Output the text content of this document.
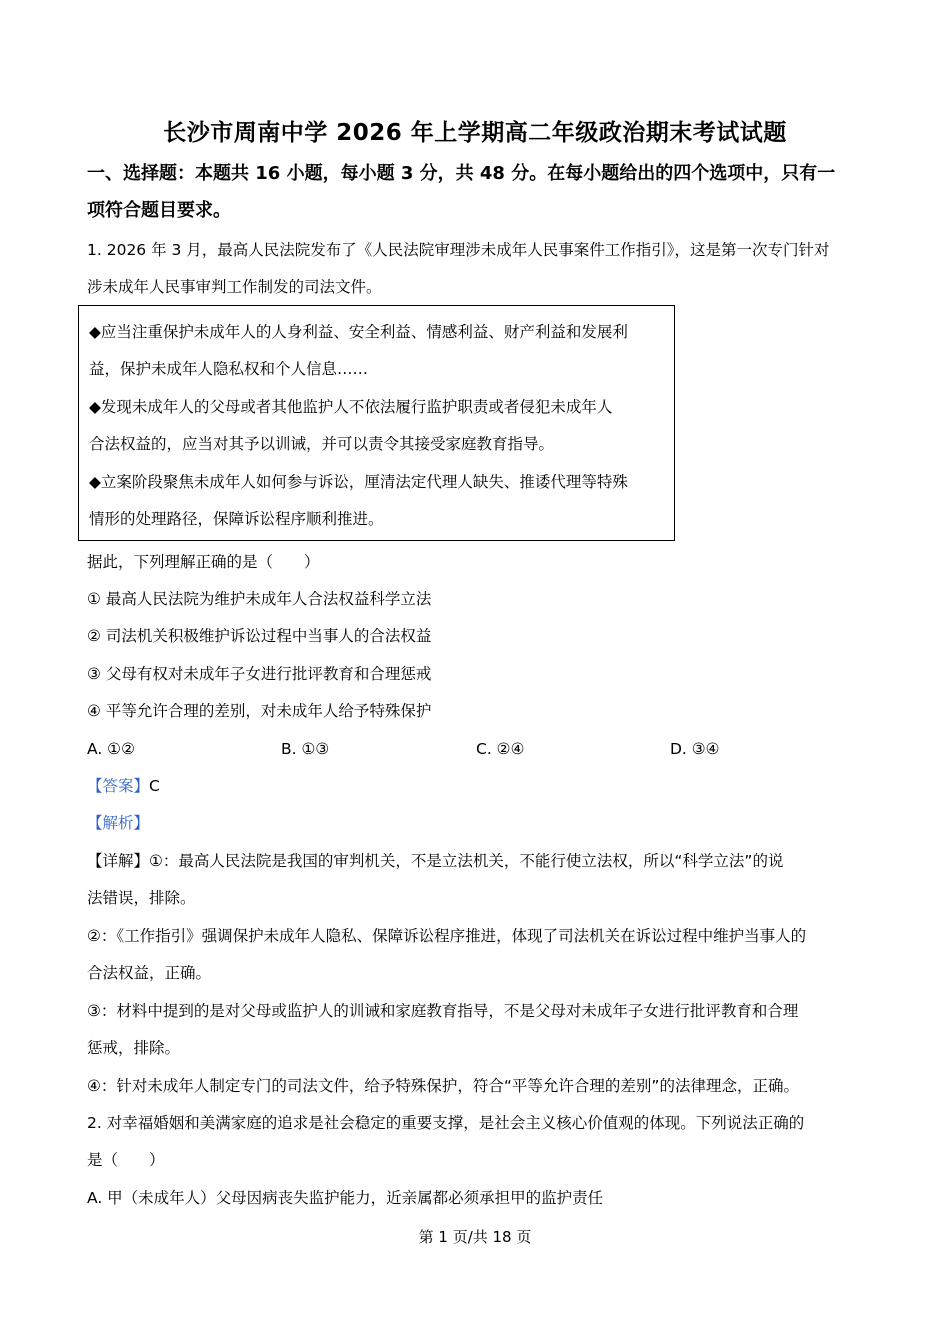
长沙市周南中学 2026 年上学期高二年级政治期末考试试题
一、选择题：本题共 16 小题，每小题 3 分，共 48 分。在每小题给出的四个选项中，只有一
项符合题目要求。
1. 2026 年 3 月，最高人民法院发布了《人民法院审理涉未成年人民事案件工作指引》，这是第一次专门针对
涉未成年人民事审判工作制发的司法文件。
◆应当注重保护未成年人的人身利益、安全利益、情感利益、财产利益和发展利
益，保护未成年人隐私权和个人信息……
◆发现未成年人的父母或者其他监护人不依法履行监护职责或者侵犯未成年人
合法权益的，应当对其予以训诫，并可以责令其接受家庭教育指导。
◆立案阶段聚焦未成年人如何参与诉讼，厘清法定代理人缺失、推诿代理等特殊
情形的处理路径，保障诉讼程序顺利推进。
据此，下列理解正确的是（　　）
① 最高人民法院为维护未成年人合法权益科学立法
② 司法机关积极维护诉讼过程中当事人的合法权益
③ 父母有权对未成年子女进行批评教育和合理惩戒
④ 平等允许合理的差别，对未成年人给予特殊保护
A. ①②	B. ①③	C. ②④	D. ③④
【答案】C
【解析】
【详解】①：最高人民法院是我国的审判机关，不是立法机关，不能行使立法权，所以“科学立法”的说
法错误，排除。
②：《工作指引》强调保护未成年人隐私、保障诉讼程序推进，体现了司法机关在诉讼过程中维护当事人的
合法权益，正确。
③：材料中提到的是对父母或监护人的训诫和家庭教育指导，不是父母对未成年子女进行批评教育和合理
惩戒，排除。
④：针对未成年人制定专门的司法文件，给予特殊保护，符合“平等允许合理的差别”的法律理念，正确。
2. 对幸福婚姻和美满家庭的追求是社会稳定的重要支撑，是社会主义核心价值观的体现。下列说法正确的
是（　　）
A. 甲（未成年人）父母因病丧失监护能力，近亲属都必须承担甲的监护责任
第 1 页/共 18 页
